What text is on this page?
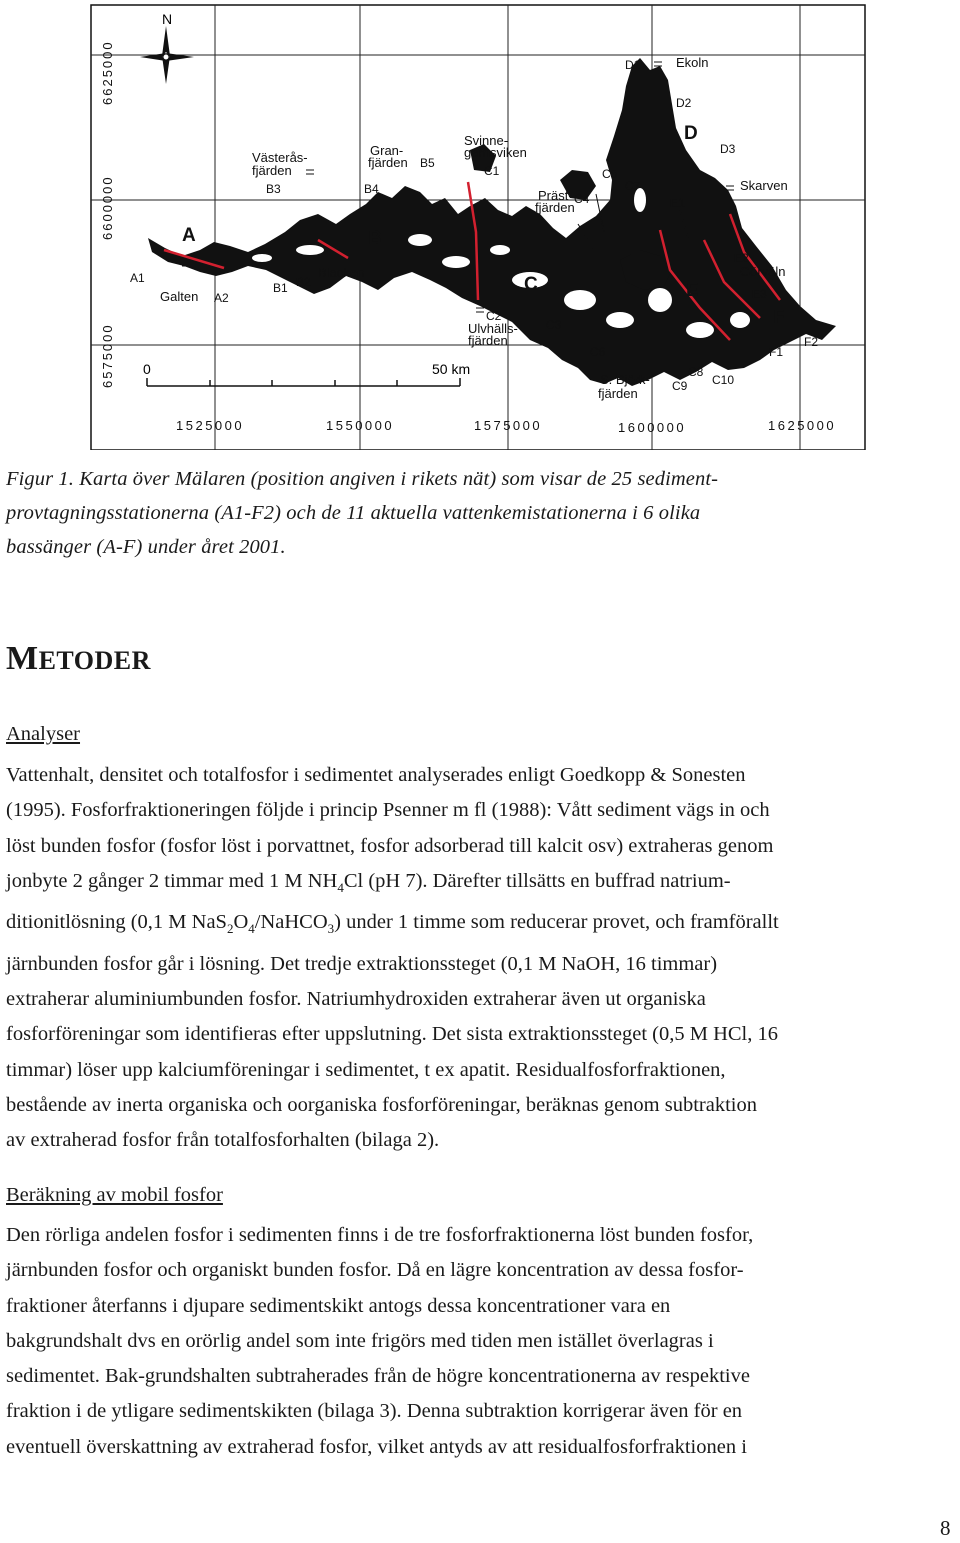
N
0	50 km
6625000
6600000
6575000
1525000	1550000	1575000	1600000	1625000
A	B
C
D
E
F
A1
A2
B1 B2
B3	B4
B5
C1
C2
C3
C4
C5
C6
C7
C8
C9 C10
D1
D2
D3
E1
E2
E3
F1
F2
Galten
Västerås-
fjärden
Gran-
fjärden
Blacken
Svinne-
garnsviken
Präst-
fjärden
Ulvhälls-
fjärden
S. Björk-
fjärden
Ekoln
Skarven
Görväln
Figur 1. Karta över Mälaren (position angiven i rikets nät) som visar de 25 sediment-
provtagningsstationerna (A1-F2) och de 11 aktuella vattenkemistationerna i 6 olika
bassänger (A-F) under året 2001.
METODER
Analyser
Vattenhalt, densitet och totalfosfor i sedimentet analyserades enligt Goedkopp & Sonesten
(1995). Fosforfraktioneringen följde i princip Psenner m fl (1988): Vått sediment vägs in och
löst bunden fosfor (fosfor löst i porvattnet, fosfor adsorberad till kalcit osv) extraheras genom
jonbyte 2 gånger 2 timmar med 1 M $NH_4Cl$ (pH 7). Därefter tillsätts en buffrad natrium-
ditionitlösning (0,1 M $NaS_2O_4/NaHCO_3$) under 1 timme som reducerar provet, och framförallt
järnbunden fosfor går i lösning. Det tredje extraktionssteget (0,1 M NaOH, 16 timmar)
extraherar aluminiumbunden fosfor. Natriumhydroxiden extraherar även ut organiska
fosforföreningar som identifieras efter uppslutning. Det sista extraktionssteget (0,5 M HCl, 16
timmar) löser upp kalciumföreningar i sedimentet, t ex apatit. Residualfosforfraktionen,
bestående av inerta organiska och oorganiska fosforföreningar, beräknas genom subtraktion
av extraherad fosfor från totalfosforhalten (bilaga 2).
Beräkning av mobil fosfor
Den rörliga andelen fosfor i sedimenten finns i de tre fosforfraktionerna löst bunden fosfor,
järnbunden fosfor och organiskt bunden fosfor. Då en lägre koncentration av dessa fosfor-
fraktioner återfanns i djupare sedimentskikt antogs dessa koncentrationer vara en
bakgrundshalt dvs en orörlig andel som inte frigörs med tiden men istället överlagras i
sedimentet. Bak-grundshalten subtraherades från de högre koncentrationerna av respektive
fraktion i de ytligare sedimentskikten (bilaga 3). Denna subtraktion korrigerar även för en
eventuell överskattning av extraherad fosfor, vilket antyds av att residualfosforfraktionen i
8
